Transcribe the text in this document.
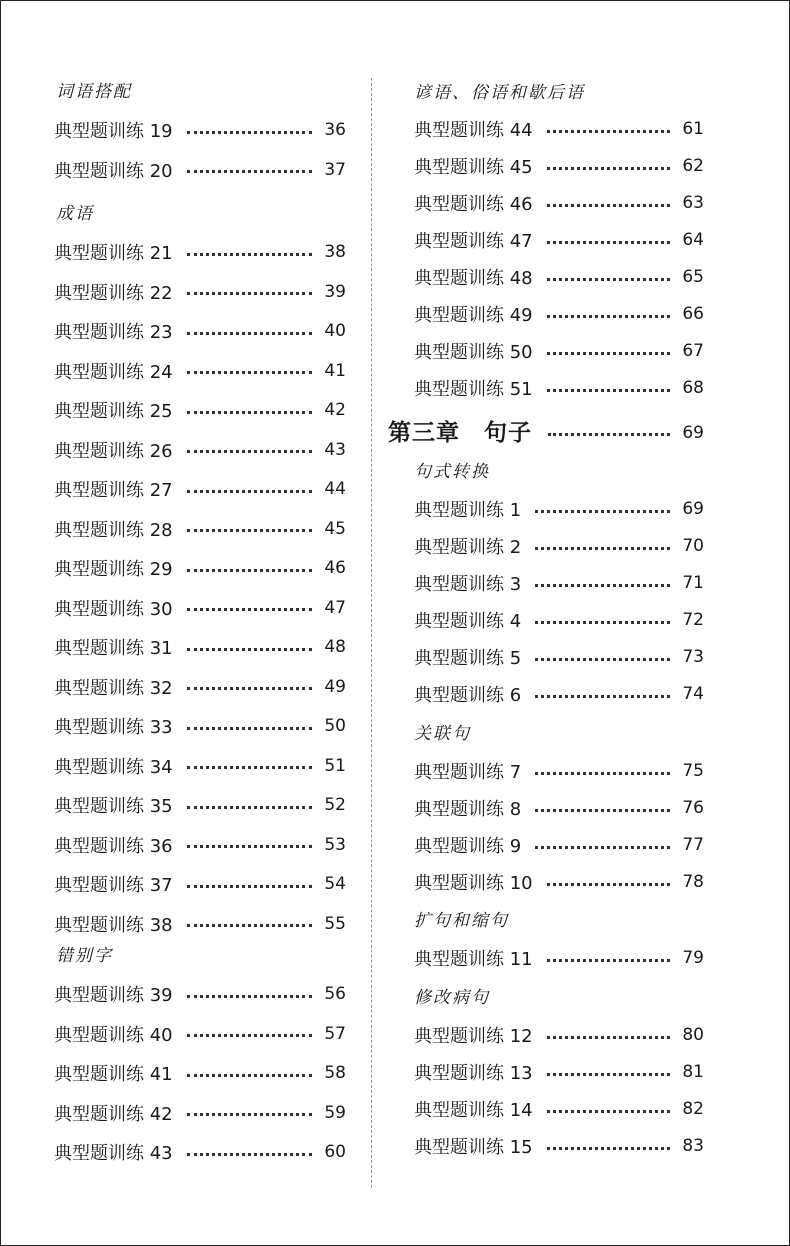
词语搭配
典型题训练 19	36
典型题训练 20	37
成语
典型题训练 21	38
典型题训练 22	39
典型题训练 23	40
典型题训练 24	41
典型题训练 25	42
典型题训练 26	43
典型题训练 27	44
典型题训练 28	45
典型题训练 29	46
典型题训练 30	47
典型题训练 31	48
典型题训练 32	49
典型题训练 33	50
典型题训练 34	51
典型题训练 35	52
典型题训练 36	53
典型题训练 37	54
典型题训练 38	55
错别字
典型题训练 39	56
典型题训练 40	57
典型题训练 41	58
典型题训练 42	59
典型题训练 43	60
谚语、俗语和歇后语
典型题训练 44	61
典型题训练 45	62
典型题训练 46	63
典型题训练 47	64
典型题训练 48	65
典型题训练 49	66
典型题训练 50	67
典型题训练 51	68
第三章　句子	69
句式转换
典型题训练 1	69
典型题训练 2	70
典型题训练 3	71
典型题训练 4	72
典型题训练 5	73
典型题训练 6	74
关联句
典型题训练 7	75
典型题训练 8	76
典型题训练 9	77
典型题训练 10	78
扩句和缩句
典型题训练 11	79
修改病句
典型题训练 12	80
典型题训练 13	81
典型题训练 14	82
典型题训练 15	83
